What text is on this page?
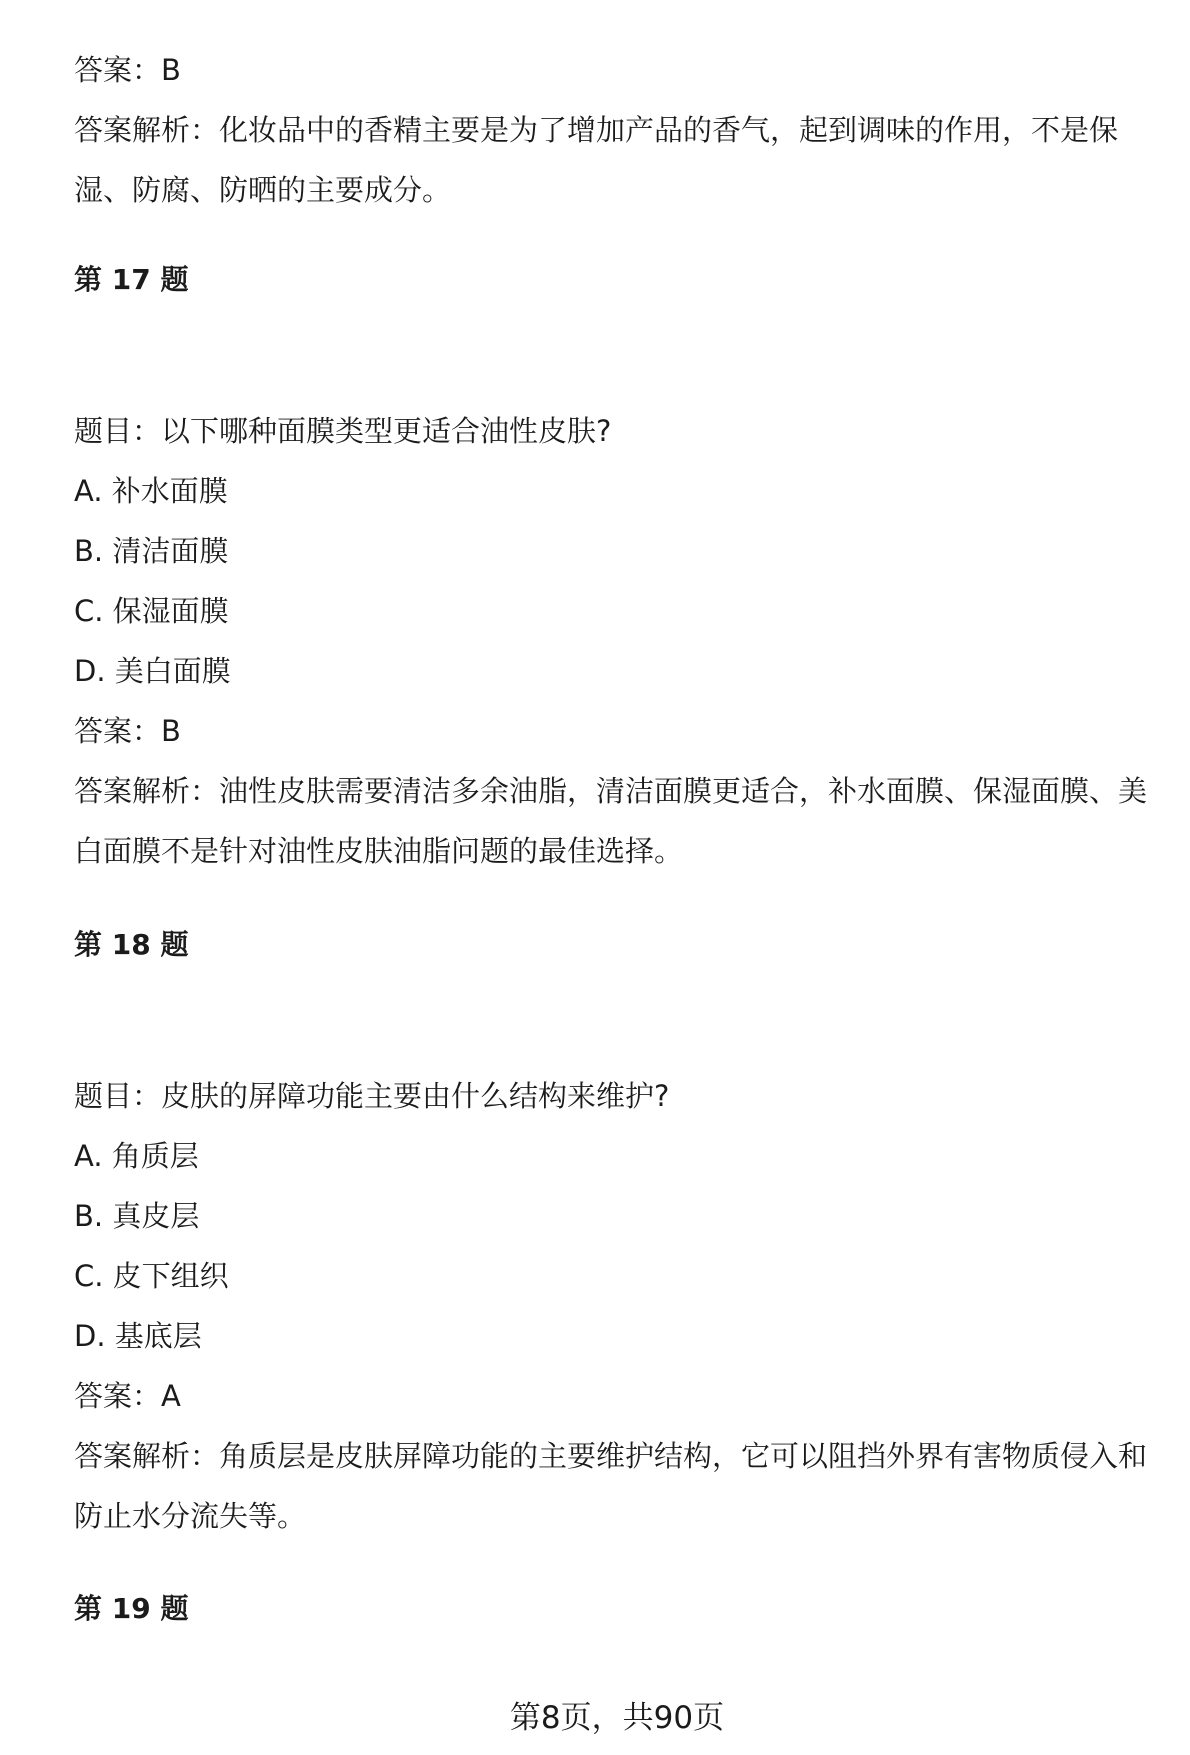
答案：B

答案解析：化妆品中的香精主要是为了增加产品的香气，起到调味的作用，不是保湿、防腐、防晒的主要成分。

第 17 题

题目：以下哪种面膜类型更适合油性皮肤?

A. 补水面膜

B. 清洁面膜

C. 保湿面膜

D. 美白面膜

答案：B

答案解析：油性皮肤需要清洁多余油脂，清洁面膜更适合，补水面膜、保湿面膜、美白面膜不是针对油性皮肤油脂问题的最佳选择。

第 18 题

题目：皮肤的屏障功能主要由什么结构来维护?

A. 角质层

B. 真皮层

C. 皮下组织

D. 基底层

答案：A

答案解析：角质层是皮肤屏障功能的主要维护结构，它可以阻挡外界有害物质侵入和防止水分流失等。

第 19 题

第8页，共90页
